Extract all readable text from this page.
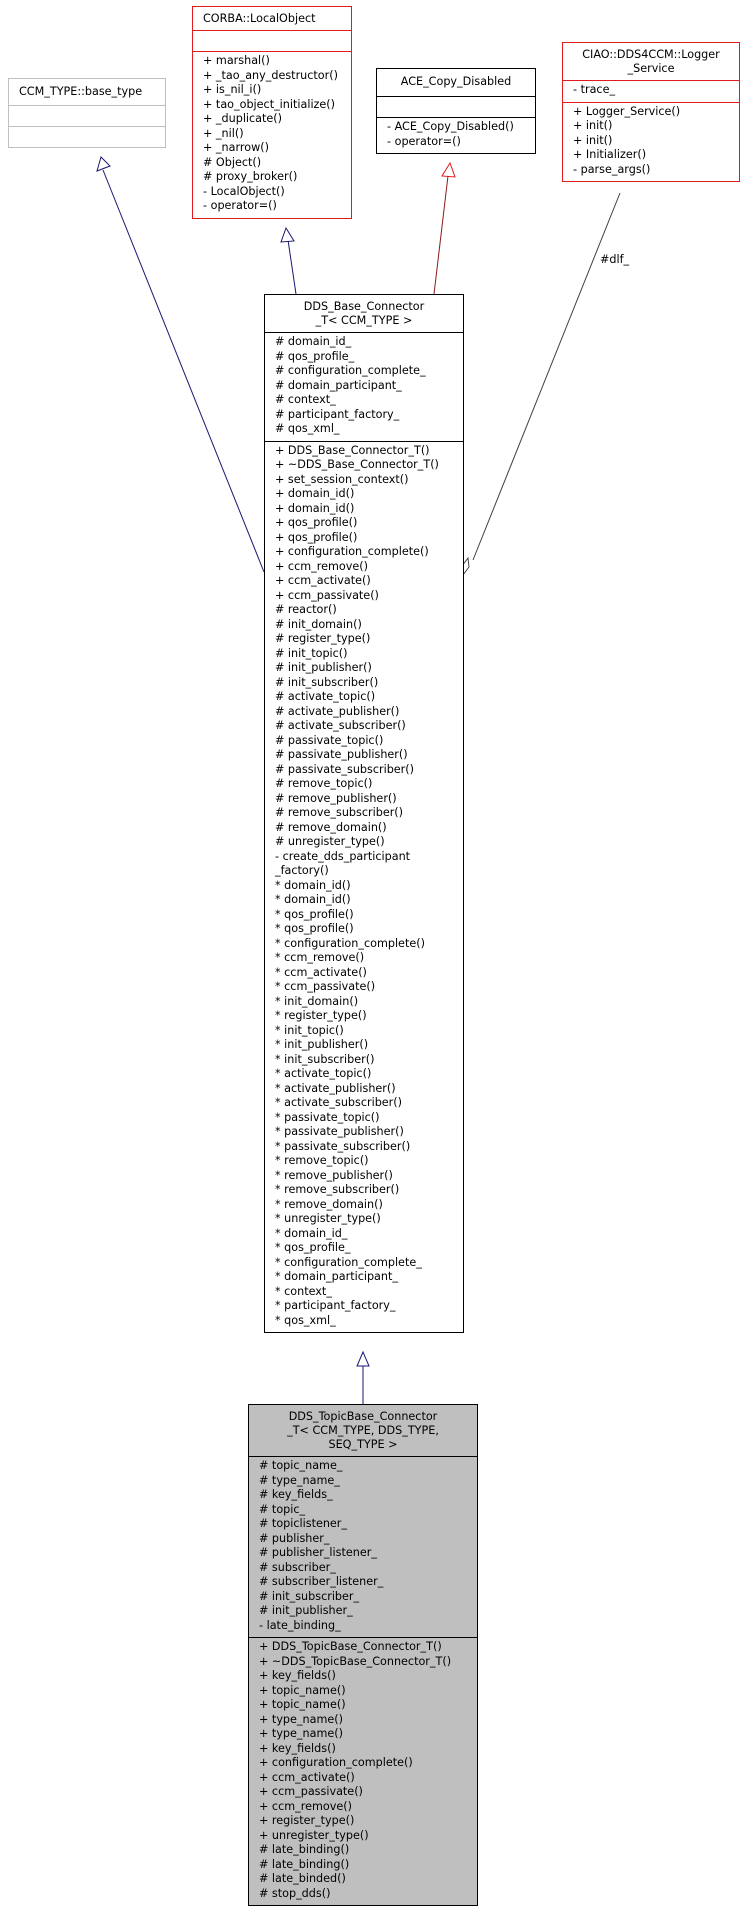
#dlf_
CCM_TYPE::base_type
CORBA::LocalObject
+ marshal()
+ _tao_any_destructor()
+ is_nil_i()
+ tao_object_initialize()
+ _duplicate()
+ _nil()
+ _narrow()
# Object()
# proxy_broker()
- LocalObject()
- operator=()
ACE_Copy_Disabled
- ACE_Copy_Disabled()
- operator=()
CIAO::DDS4CCM::Logger
_Service
- trace_
+ Logger_Service()
+ init()
+ init()
+ Initializer()
- parse_args()
DDS_Base_Connector
_T< CCM_TYPE >
# domain_id_
# qos_profile_
# configuration_complete_
# domain_participant_
# context_
# participant_factory_
# qos_xml_
+ DDS_Base_Connector_T()
+ ~DDS_Base_Connector_T()
+ set_session_context()
+ domain_id()
+ domain_id()
+ qos_profile()
+ qos_profile()
+ configuration_complete()
+ ccm_remove()
+ ccm_activate()
+ ccm_passivate()
# reactor()
# init_domain()
# register_type()
# init_topic()
# init_publisher()
# init_subscriber()
# activate_topic()
# activate_publisher()
# activate_subscriber()
# passivate_topic()
# passivate_publisher()
# passivate_subscriber()
# remove_topic()
# remove_publisher()
# remove_subscriber()
# remove_domain()
# unregister_type()
- create_dds_participant
_factory()
* domain_id()
* domain_id()
* qos_profile()
* qos_profile()
* configuration_complete()
* ccm_remove()
* ccm_activate()
* ccm_passivate()
* init_domain()
* register_type()
* init_topic()
* init_publisher()
* init_subscriber()
* activate_topic()
* activate_publisher()
* activate_subscriber()
* passivate_topic()
* passivate_publisher()
* passivate_subscriber()
* remove_topic()
* remove_publisher()
* remove_subscriber()
* remove_domain()
* unregister_type()
* domain_id_
* qos_profile_
* configuration_complete_
* domain_participant_
* context_
* participant_factory_
* qos_xml_
DDS_TopicBase_Connector
_T< CCM_TYPE, DDS_TYPE,
SEQ_TYPE >
# topic_name_
# type_name_
# key_fields_
# topic_
# topiclistener_
# publisher_
# publisher_listener_
# subscriber_
# subscriber_listener_
# init_subscriber_
# init_publisher_
- late_binding_
+ DDS_TopicBase_Connector_T()
+ ~DDS_TopicBase_Connector_T()
+ key_fields()
+ topic_name()
+ topic_name()
+ type_name()
+ type_name()
+ key_fields()
+ configuration_complete()
+ ccm_activate()
+ ccm_passivate()
+ ccm_remove()
+ register_type()
+ unregister_type()
# late_binding()
# late_binding()
# late_binded()
# stop_dds()
